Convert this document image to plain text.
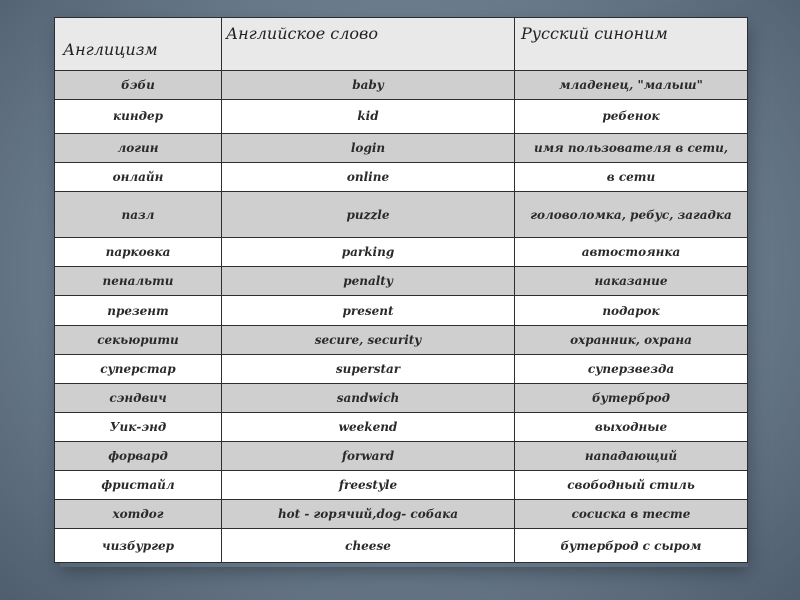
Англицизм	Английское слово	Русский синоним
бэби	baby	младенец, "малыш"
киндер	kid	ребенок
логин	login	имя пользователя в сети,
онлайн	online	в сети
пазл	puzzle	головоломка, ребус, загадка
парковка	parking	автостоянка
пенальти	penalty	наказание
презент	present	подарок
секьюрити	secure, security	охранник, охрана
суперстар	superstar	суперзвезда
сэндвич	sandwich	бутерброд
Уик-энд	weekend	выходные
форвард	forward	нападающий
фристайл	freestyle	свободный стиль
хотдог	hot - горячий,dog- собака	сосиска в тесте
чизбургер	cheese	бутерброд с сыром
